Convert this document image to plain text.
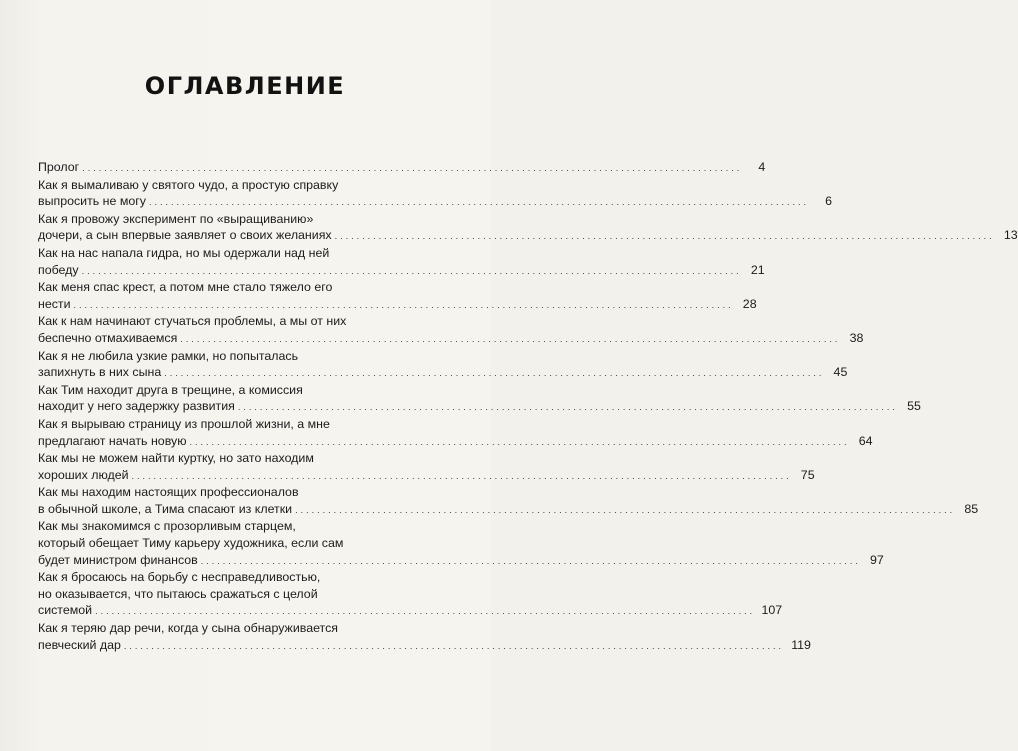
ОГЛАВЛЕНИЕ
Пролог ........................................................................................................................	4
Как я вымаливаю у святого чудо, а простую справку
выпросить не могу ........................................................................................................................	6
Как я провожу эксперимент по «выращиванию»
дочери, а сын впервые заявляет о своих желаниях ........................................................................................................................ 13
Как на нас напала гидра, но мы одержали над ней
победу ........................................................................................................................ 21
Как меня спас крест, а потом мне стало тяжело его
нести ........................................................................................................................ 28
Как к нам начинают стучаться проблемы, а мы от них
беспечно отмахиваемся ........................................................................................................................ 38
Как я не любила узкие рамки, но попыталась
запихнуть в них сына ........................................................................................................................ 45
Как Тим находит друга в трещине, а комиссия
находит у него задержку развития ........................................................................................................................ 55
Как я вырываю страницу из прошлой жизни, а мне
предлагают начать новую ........................................................................................................................ 64
Как мы не можем найти куртку, но зато находим
хороших людей ........................................................................................................................ 75
Как мы находим настоящих профессионалов
в обычной школе, а Тима спасают из клетки ........................................................................................................................ 85
Как мы знакомимся с прозорливым старцем,
который обещает Тиму карьеру художника, если сам
будет министром финансов ........................................................................................................................ 97
Как я бросаюсь на борьбу с несправедливостью,
но оказывается, что пытаюсь сражаться с целой
системой ........................................................................................................................ 107
Как я теряю дар речи, когда у сына обнаруживается
певческий дар ........................................................................................................................ 119
